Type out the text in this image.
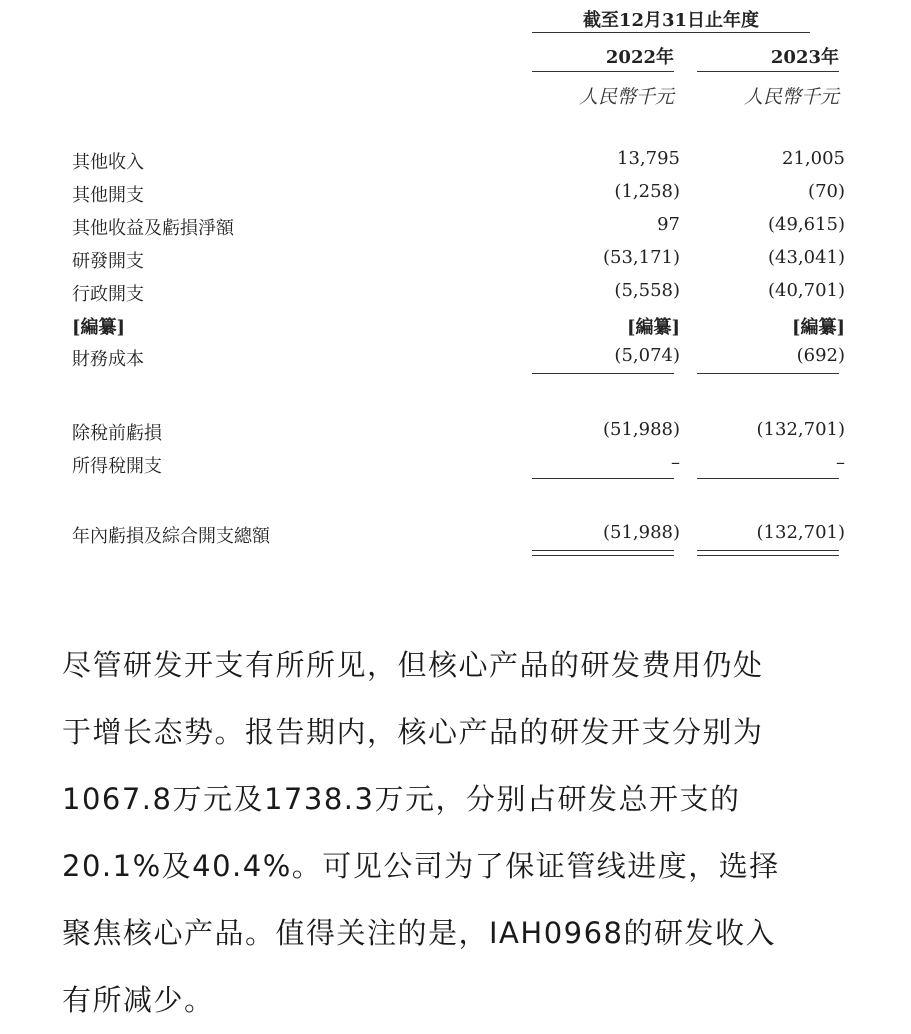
截至12月31日止年度
2022年	2023年
人民幣千元	人民幣千元
其他收入	13,795	21,005
其他開支	(1,258)	(70)
其他收益及虧損淨額	97	(49,615)
研發開支	(53,171)	(43,041)
行政開支	(5,558)	(40,701)
[編纂]	[編纂]	[編纂]
財務成本	(5,074)	(692)
除稅前虧損	(51,988)	(132,701)
所得稅開支	–	–
年內虧損及綜合開支總額	(51,988)	(132,701)
尽管研发开支有所所见，但核心产品的研发费用仍处
于增长态势。报告期内，核心产品的研发开支分别为
1067.8万元及1738.3万元，分别占研发总开支的
20.1%及40.4%。可见公司为了保证管线进度，选择
聚焦核心产品。值得关注的是，IAH0968的研发收入
有所减少。
